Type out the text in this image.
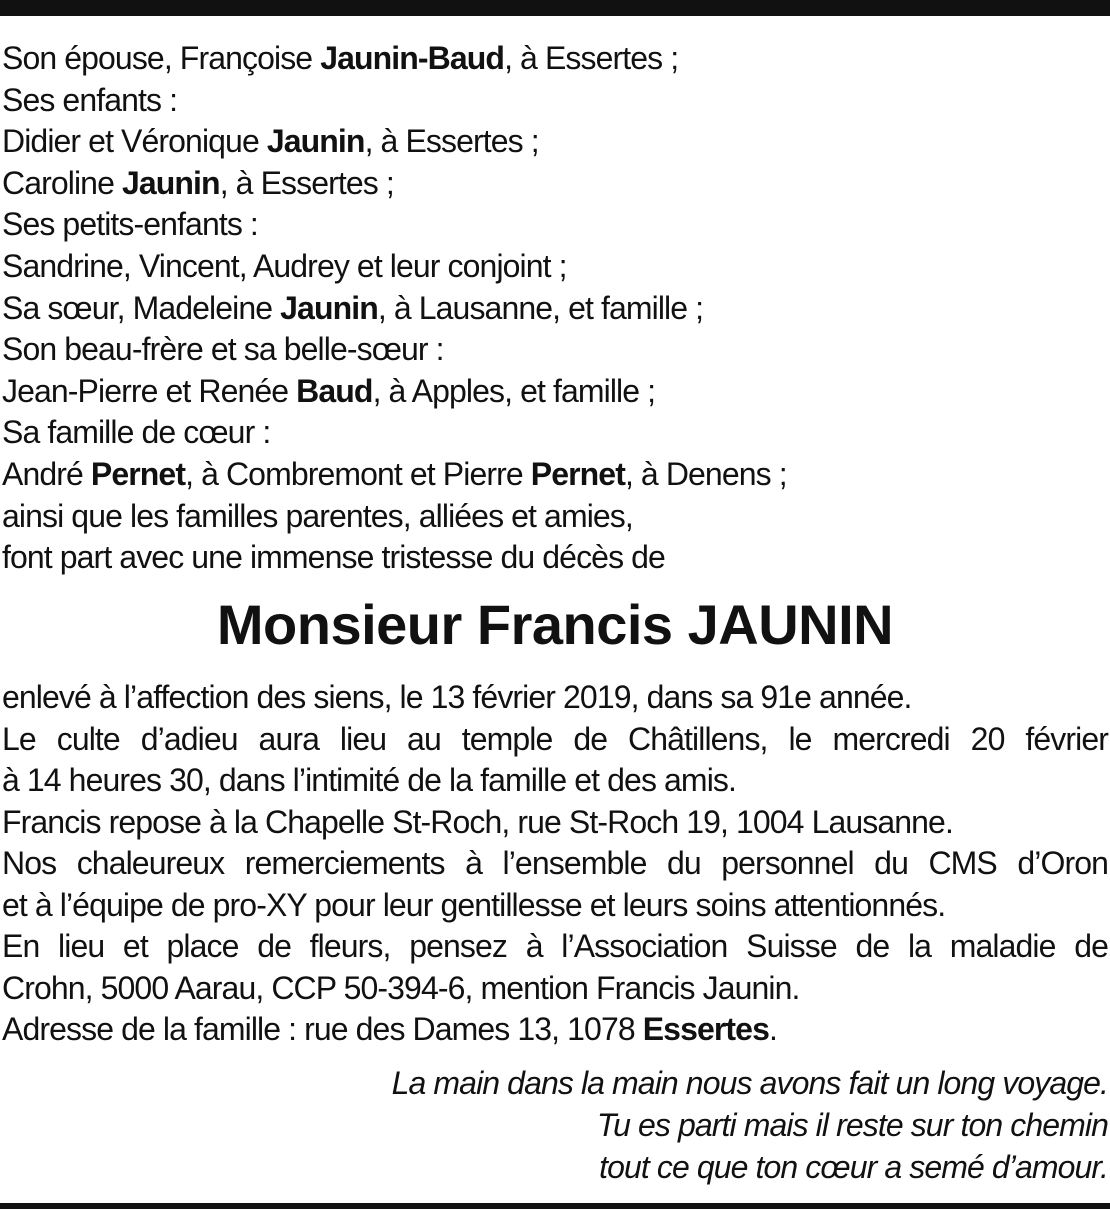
Son épouse, Françoise Jaunin-Baud, à Essertes ;
Ses enfants :
Didier et Véronique Jaunin, à Essertes ;
Caroline Jaunin, à Essertes ;
Ses petits-enfants :
Sandrine, Vincent, Audrey et leur conjoint ;
Sa sœur, Madeleine Jaunin, à Lausanne, et famille ;
Son beau-frère et sa belle-sœur :
Jean-Pierre et Renée Baud, à Apples, et famille ;
Sa famille de cœur :
André Pernet, à Combremont et Pierre Pernet, à Denens ;
ainsi que les familles parentes, alliées et amies,
font part avec une immense tristesse du décès de
Monsieur Francis JAUNIN
enlevé à l’affection des siens, le 13 février 2019, dans sa 91e année.
Le culte d’adieu aura lieu au temple de Châtillens, le mercredi 20 février
à 14 heures 30, dans l’intimité de la famille et des amis.
Francis repose à la Chapelle St-Roch, rue St-Roch 19, 1004 Lausanne.
Nos chaleureux remerciements à l’ensemble du personnel du CMS d’Oron
et à l’équipe de pro-XY pour leur gentillesse et leurs soins attentionnés.
En lieu et place de fleurs, pensez à l’Association Suisse de la maladie de
Crohn, 5000 Aarau, CCP 50-394-6, mention Francis Jaunin.
Adresse de la famille : rue des Dames 13, 1078 Essertes.
La main dans la main nous avons fait un long voyage.
Tu es parti mais il reste sur ton chemin
tout ce que ton cœur a semé d’amour.
